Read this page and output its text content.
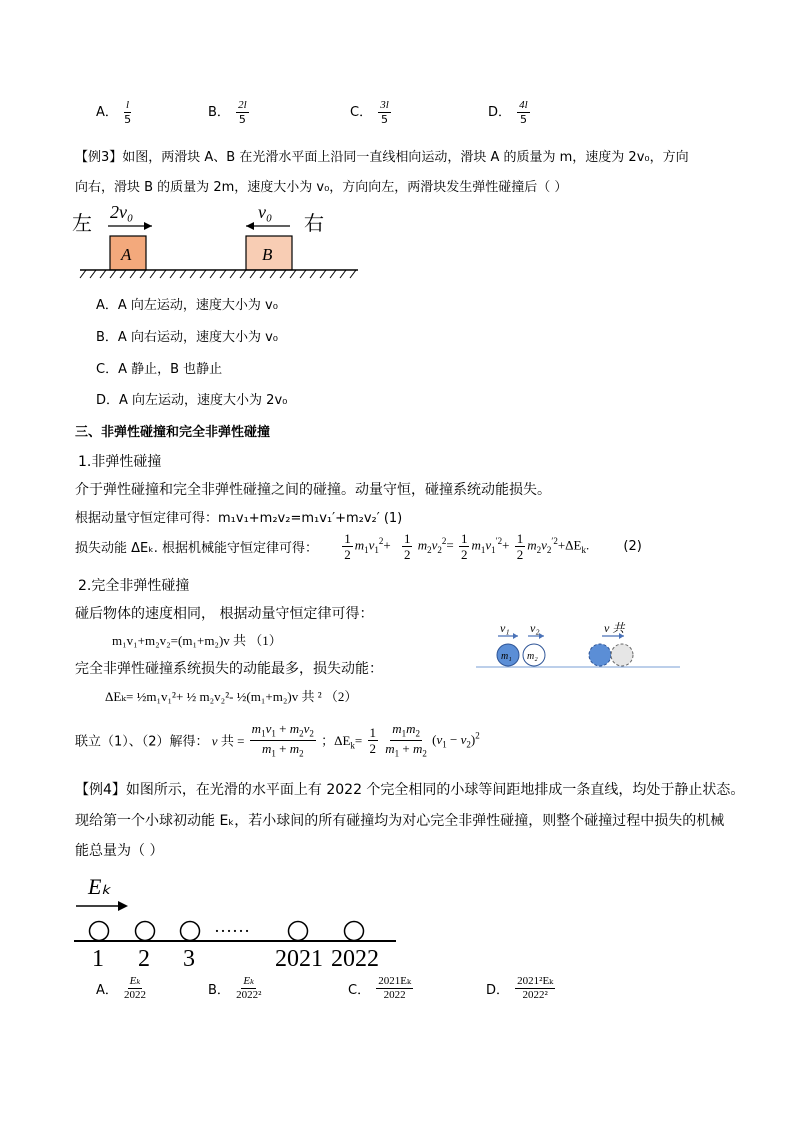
A． $\frac{l}{5}$	B． $\frac{2l}{5}$	C． $\frac{3l}{5}$	D． $\frac{4l}{5}$
【例3】如图，两滑块 A、B 在光滑水平面上沿同一直线相向运动，滑块 A 的质量为 m，速度为 2v₀，方向
向右，滑块 B 的质量为 2m，速度大小为 v₀，方向向左，两滑块发生弹性碰撞后（ ）
左	右
2v₀	v₀
A	B
A．A 向左运动，速度大小为 v₀
B．A 向右运动，速度大小为 v₀
C．A 静止，B 也静止
D．A 向左运动，速度大小为 2v₀
三、非弹性碰撞和完全非弹性碰撞
1.非弹性碰撞
介于弹性碰撞和完全非弹性碰撞之间的碰撞。动量守恒，碰撞系统动能损失。
根据动量守恒定律可得：m₁v₁+m₂v₂=m₁v₁′+m₂v₂′ (1)
损失动能 ΔEₖ. 根据机械能守恒定律可得： $\frac{1}{2} m_1v_1^2+ \frac{1}{2} m_2v_2^2= \frac{1}{2} m_1v_1^{'2}+ \frac{1}{2} m_2v_2^{'2}+\Delta E_k$.	(2)
2.完全非弹性碰撞
碰后物体的速度相同， 根据动量守恒定律可得：
m₁v₁+m₂v₂=(m₁+m₂)v 共 （1）
完全非弹性碰撞系统损失的动能最多，损失动能：
ΔEₖ= ½m₁v₁²+ ½ m₂v₂²- ½(m₁+m₂)v 共 ² （2）
v₁ v₂
m₁ m₂
v 共
联立（1）、（2）解得： v 共 = $\frac{m_1v_1 + m_2v_2}{m_1 + m_2}$ ；$\Delta E_k= \frac{1}{2}$
$\frac{m_1m_2}{m_1 + m_2} (v_1 - v_2)^2$
【例4】如图所示，在光滑的水平面上有 2022 个完全相同的小球等间距地排成一条直线，均处于静止状态。
现给第一个小球初动能 Eₖ，若小球间的所有碰撞均为对心完全非弹性碰撞，则整个碰撞过程中损失的机械
能总量为（ ）
Eₖ
……
1 2 3	2021 2022
A． $\frac{\text{Eₖ}}{2022}$	B． $\frac{\text{Eₖ}}{\text{2022²}}$	C． $\frac{\text{2021Eₖ}}{2022}$	D． $\frac{\text{2021²Eₖ}}{\text{2022²}}$
